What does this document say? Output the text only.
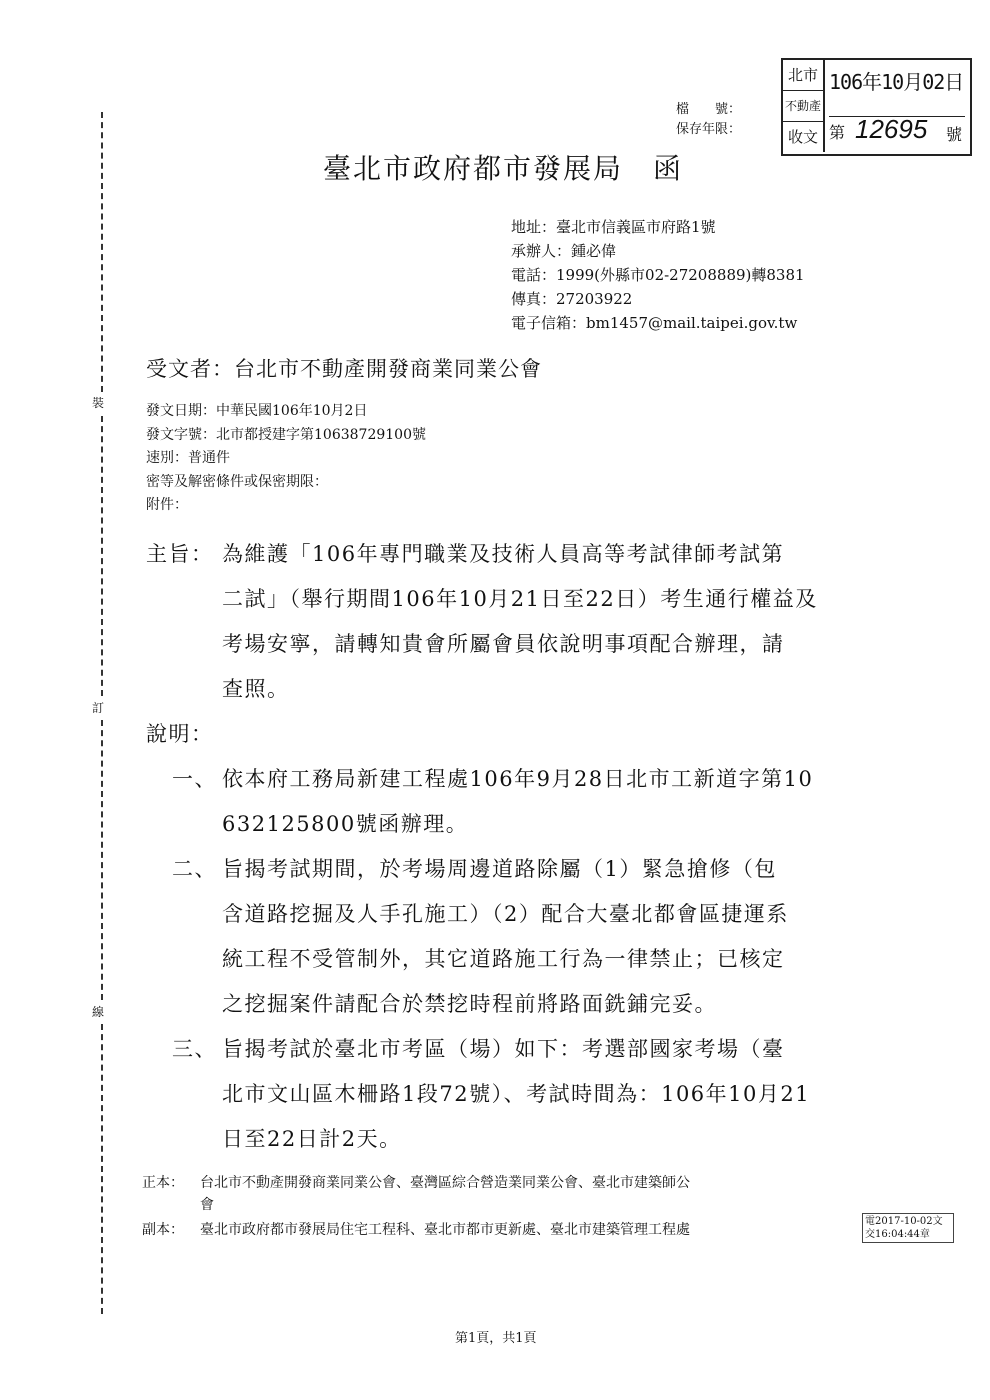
裝
訂
線
檔　　號：
保存年限：
北市
不動產
收文
106年10月02日
第 12695 號
臺北市政府都市發展局　函
地址：臺北市信義區市府路1號
承辦人：鍾必偉
電話：1999(外縣市02-27208889)轉8381
傳真：27203922
電子信箱：bm1457@mail.taipei.gov.tw
受文者：台北市不動產開發商業同業公會
發文日期：中華民國106年10月2日
發文字號：北市都授建字第10638729100號
速別：普通件
密等及解密條件或保密期限：
附件：
主旨： 為維護「106年專門職業及技術人員高等考試律師考試第
二試」（舉行期間106年10月21日至22日）考生通行權益及
考場安寧，請轉知貴會所屬會員依說明事項配合辦理，請
查照。
說明：
一、 依本府工務局新建工程處106年9月28日北市工新道字第10
632125800號函辦理。
二、 旨揭考試期間，於考場周邊道路除屬（1）緊急搶修（包
含道路挖掘及人手孔施工）（2）配合大臺北都會區捷運系
統工程不受管制外，其它道路施工行為一律禁止；已核定
之挖掘案件請配合於禁挖時程前將路面銑鋪完妥。
三、 旨揭考試於臺北市考區（場）如下：考選部國家考場（臺
北市文山區木柵路1段72號）、考試時間為：106年10月21
日至22日計2天。
正本： 台北市不動產開發商業同業公會、臺灣區綜合營造業同業公會、臺北市建築師公
會
副本： 臺北市政府都市發展局住宅工程科、臺北市都市更新處、臺北市建築管理工程處
電2017-10-02文
交16:04:44章
第1頁，共1頁
